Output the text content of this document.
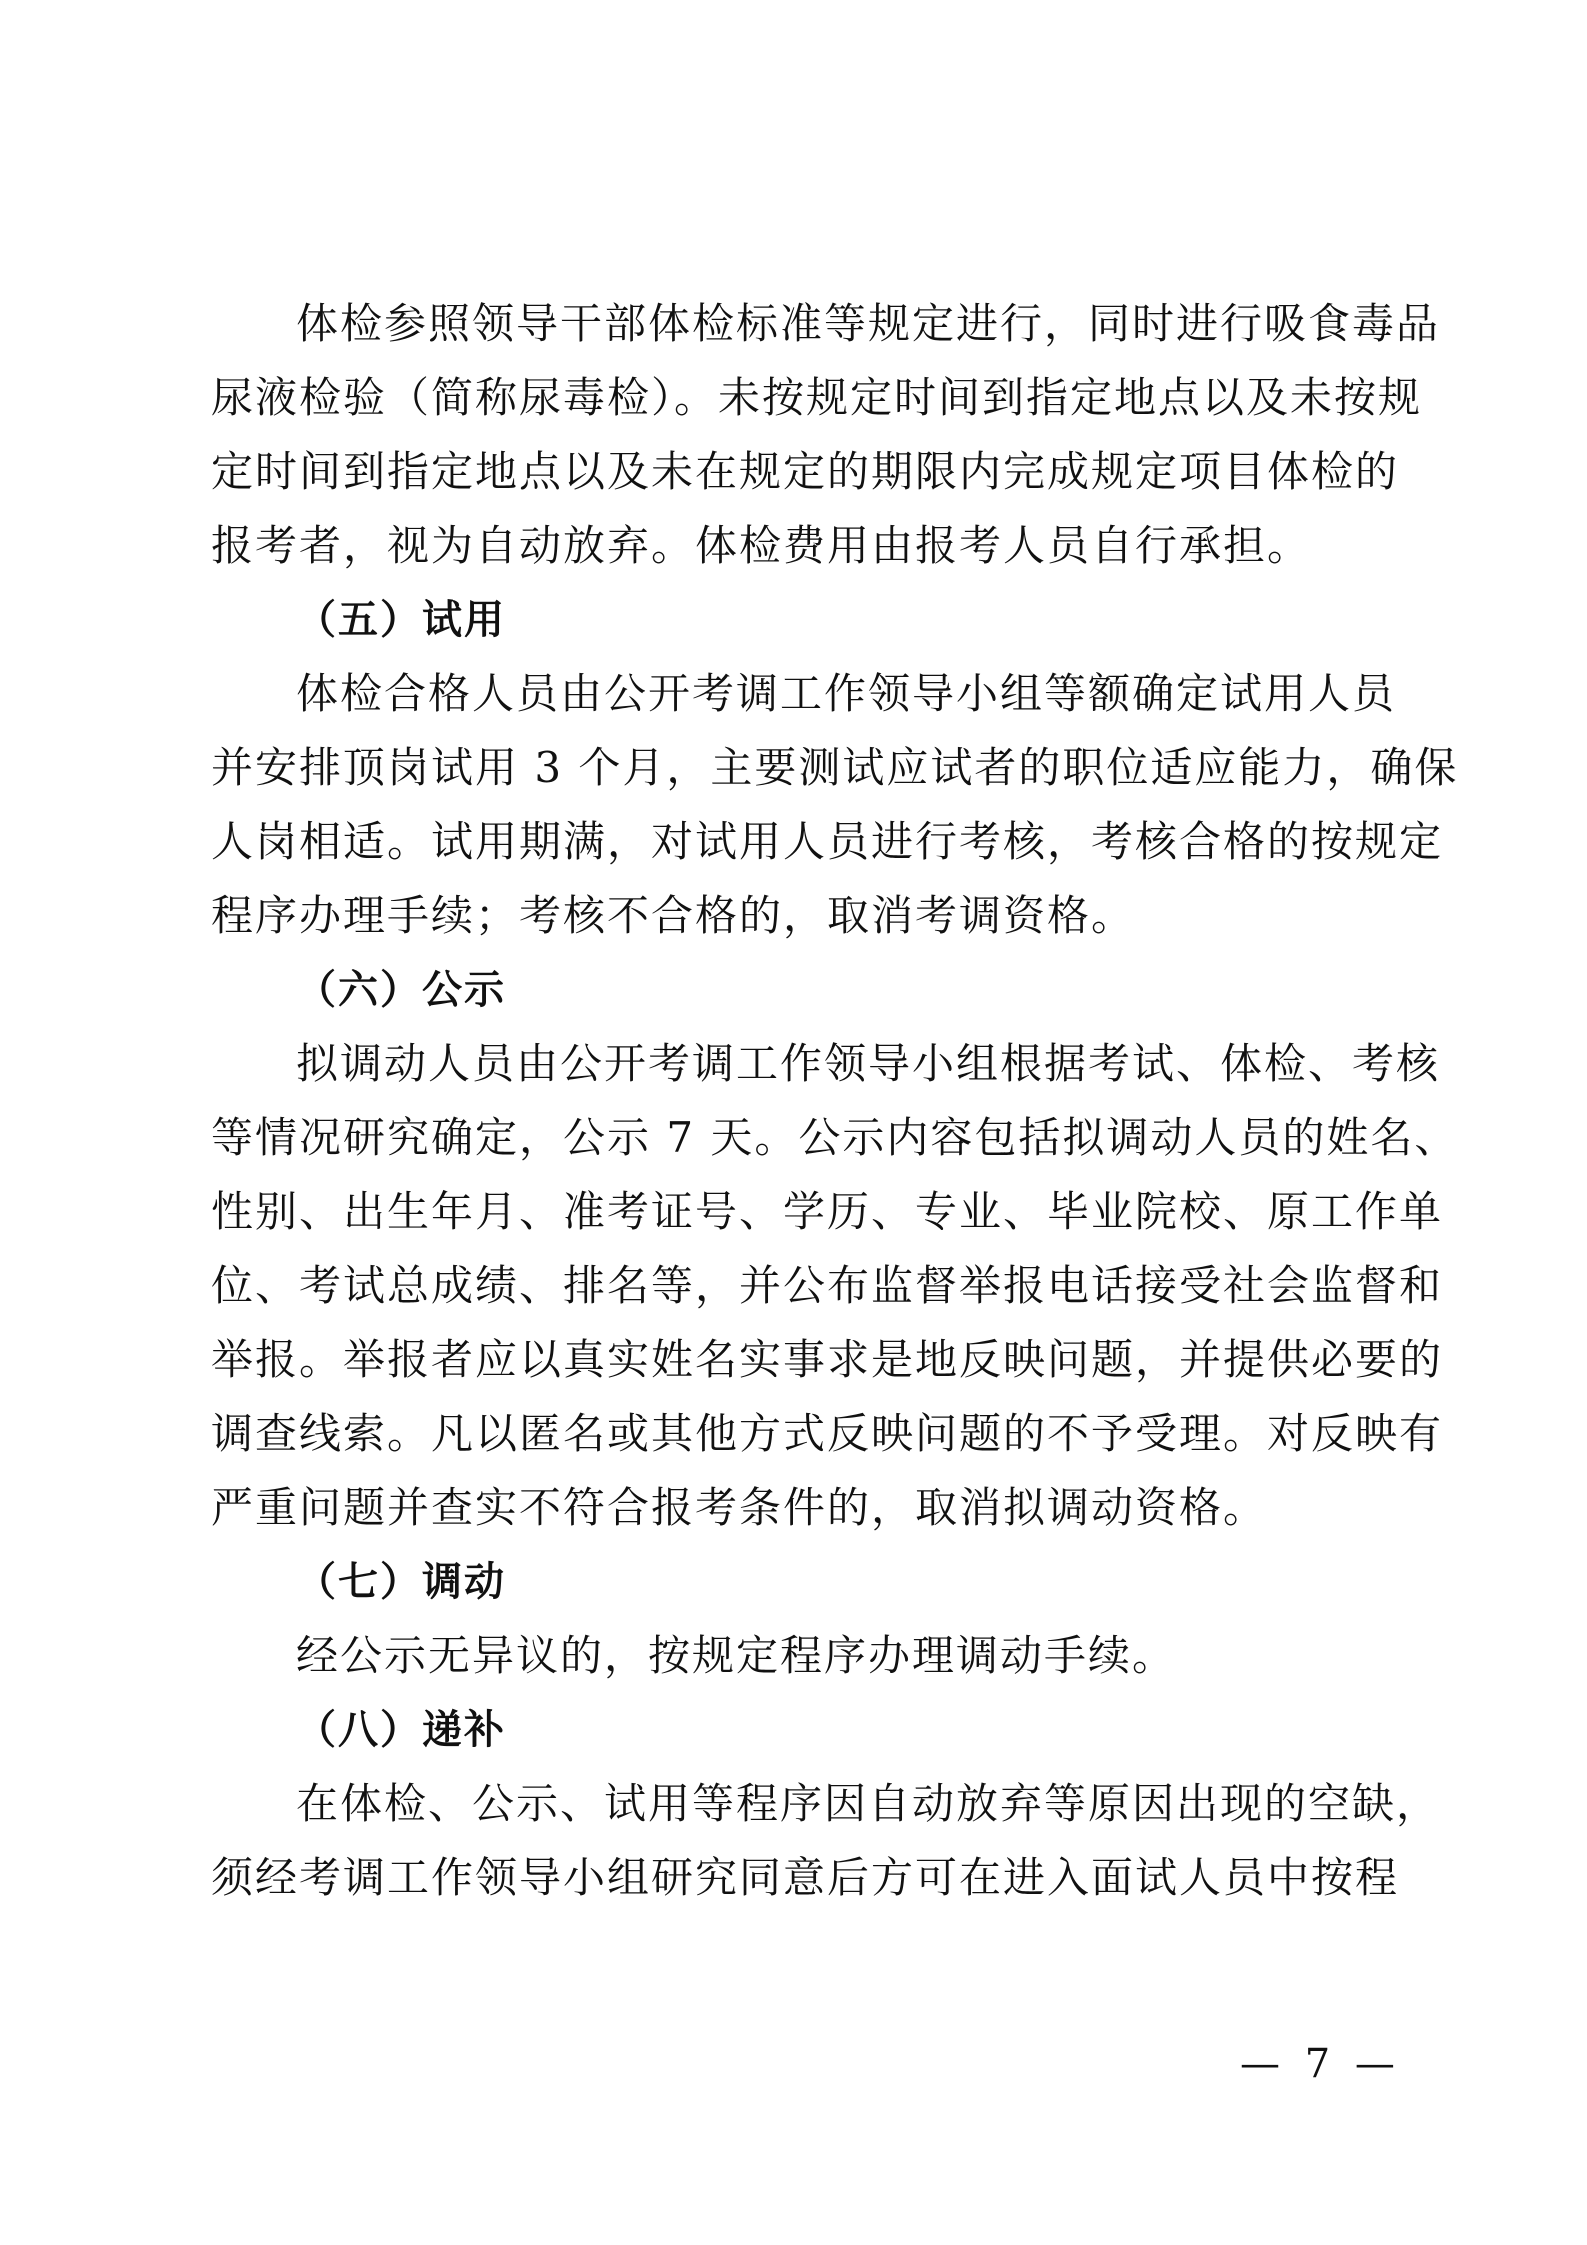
体检参照领导干部体检标准等规定进行，同时进行吸食毒品
尿液检验（简称尿毒检）。未按规定时间到指定地点以及未按规
定时间到指定地点以及未在规定的期限内完成规定项目体检的
报考者，视为自动放弃。体检费用由报考人员自行承担。
（五）试用
体检合格人员由公开考调工作领导小组等额确定试用人员
并安排顶岗试用 3 个月，主要测试应试者的职位适应能力，确保
人岗相适。试用期满，对试用人员进行考核，考核合格的按规定
程序办理手续；考核不合格的，取消考调资格。
（六）公示
拟调动人员由公开考调工作领导小组根据考试、体检、考核
等情况研究确定，公示 7 天。公示内容包括拟调动人员的姓名、
性别、出生年月、准考证号、学历、专业、毕业院校、原工作单
位、考试总成绩、排名等，并公布监督举报电话接受社会监督和
举报。举报者应以真实姓名实事求是地反映问题，并提供必要的
调查线索。凡以匿名或其他方式反映问题的不予受理。对反映有
严重问题并查实不符合报考条件的，取消拟调动资格。
（七）调动
经公示无异议的，按规定程序办理调动手续。
（八）递补
在体检、公示、试用等程序因自动放弃等原因出现的空缺，
须经考调工作领导小组研究同意后方可在进入面试人员中按程
— 7 —
